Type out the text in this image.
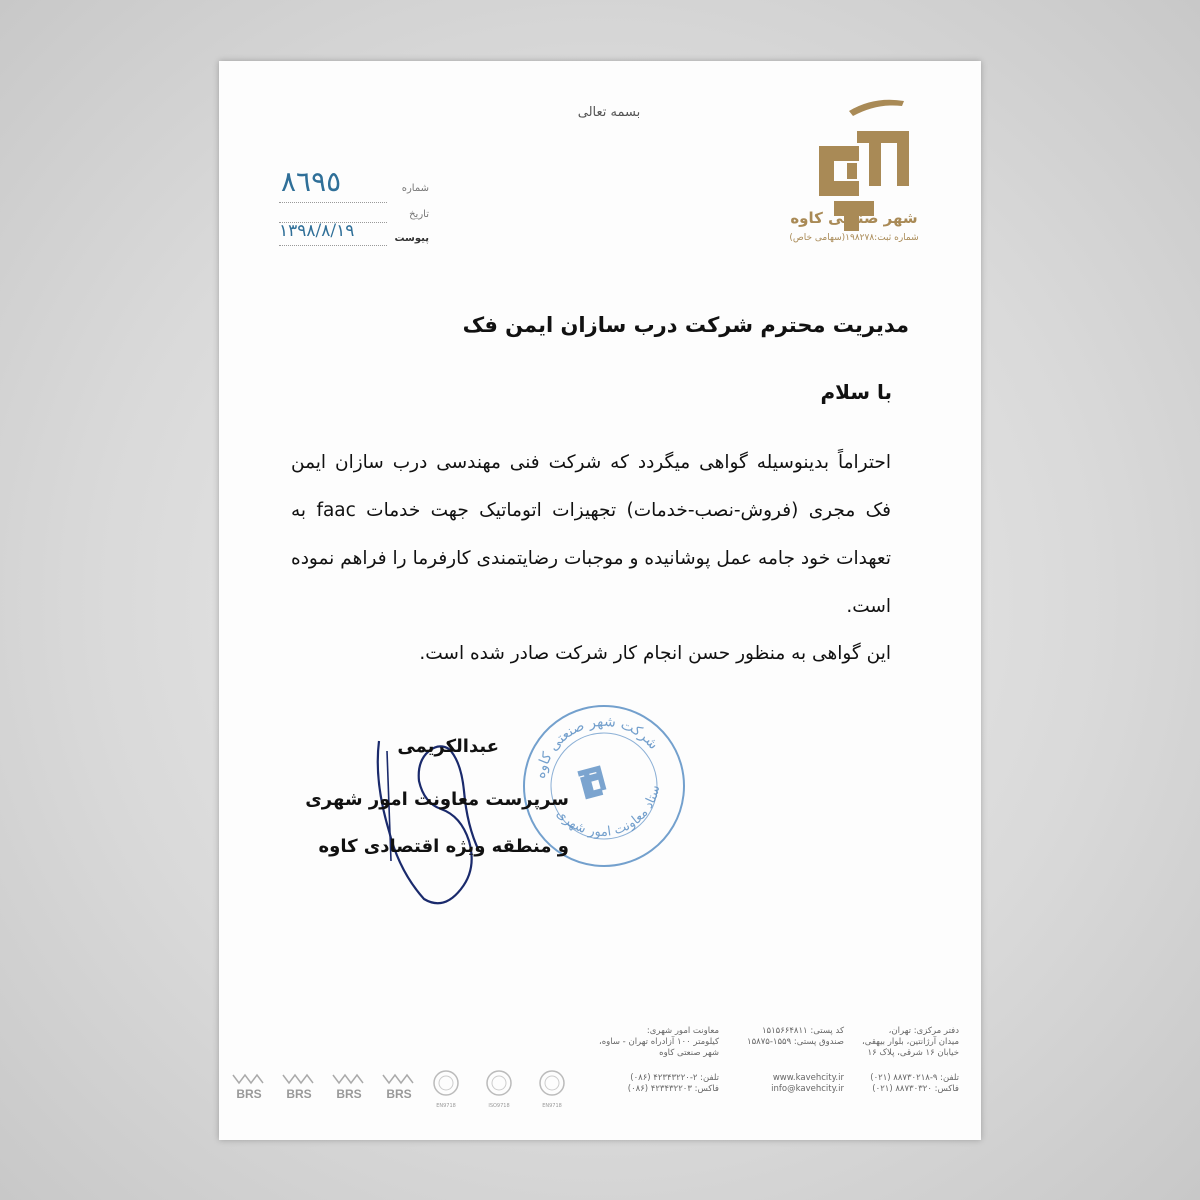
بسمه تعالی
شهر صنعتی کاوه
شماره ثبت:۱۹۸۲۷۸(سهامی خاص)
شماره
٨٦٩٥
تاریخ
۱۳۹۸/۸/۱۹	پیوست
مدیریت محترم شرکت درب سازان ایمن فک
با سلام
احتراماً بدینوسیله گواهی میگردد که شرکت فنی مهندسی درب سازان ایمن فک مجری (فروش-نصب-خدمات) تجهیزات اتوماتیک جهت خدمات faac به تعهدات خود جامه عمل پوشانیده و موجبات رضایتمندی کارفرما را فراهم نموده است.
این گواهی به منظور حسن انجام کار شرکت صادر شده است.
شرکت شهر صنعتی کاوه
ستاد معاونت امور شهری
عبدالکریمی
سرپرست معاونت امور شهری
و منطقه ویژه اقتصادی کاوه
دفتر مرکزی: تهران،
میدان آرژانتین، بلوار بیهقی،
خیابان ۱۶ شرقی، پلاک ۱۶
تلفن: ۹-۸۸۷۳۰۲۱۸ (۰۲۱)
فاکس: ۸۸۷۳۰۳۲۰ (۰۲۱)
کد پستی: ۱۵۱۵۶۶۴۸۱۱
صندوق پستی: ۱۵۵۹-۱۵۸۷۵
www.kavehcity.ir
info@kavehcity.ir
معاونت امور شهری:
کیلومتر ۱۰۰ آزادراه تهران - ساوه،
شهر صنعتی کاوه
تلفن: ۲-۴۲۳۴۳۲۲۰ (۰۸۶)
فاکس: ۴۲۳۴۳۲۲۰۳ (۰۸۶)
BRS BRS BRS BRS
EN9718	ISO9718	EN9718
